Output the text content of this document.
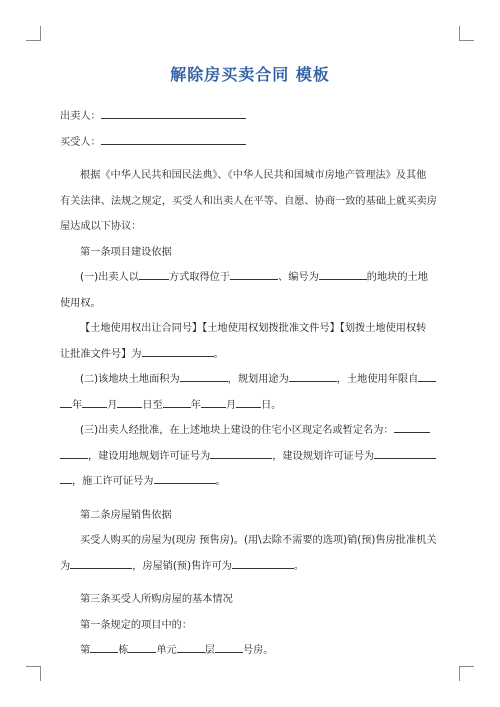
解除房买卖合同 模板

出卖人：

买受人：

根据《中华人民共和国民法典》、《中华人民共和国城市房地产管理法》及其他

有关法律、法规之规定，买受人和出卖人在平等、自愿、协商一致的基础上就买卖房

屋达成以下协议：

第一条项目建设依据

(一)出卖人以	方式取得位于	、编号为	的地块的土地

使用权。

【土地使用权出让合同号】【土地使用权划拨批准文件号】【划拨土地使用权转

让批准文件号】为	。

(二)该地块土地面积为	，规划用途为	，土地使用年限自

年 月 日至	年 月 日。

(三)出卖人经批准，在上述地块上建设的住宅小区现定名或暂定名为：

，建设用地规划许可证号为	，建设规划许可证号为

，施工许可证号为	。

第二条房屋销售依据

买受人购买的房屋为(现房 预售房)。(用\去除不需要的选项)销(预)售房批准机关

为	，房屋销(预)售许可为	。

第三条买受人所购房屋的基本情况

第一条规定的项目中的：

第	栋	单元	层	号房。
